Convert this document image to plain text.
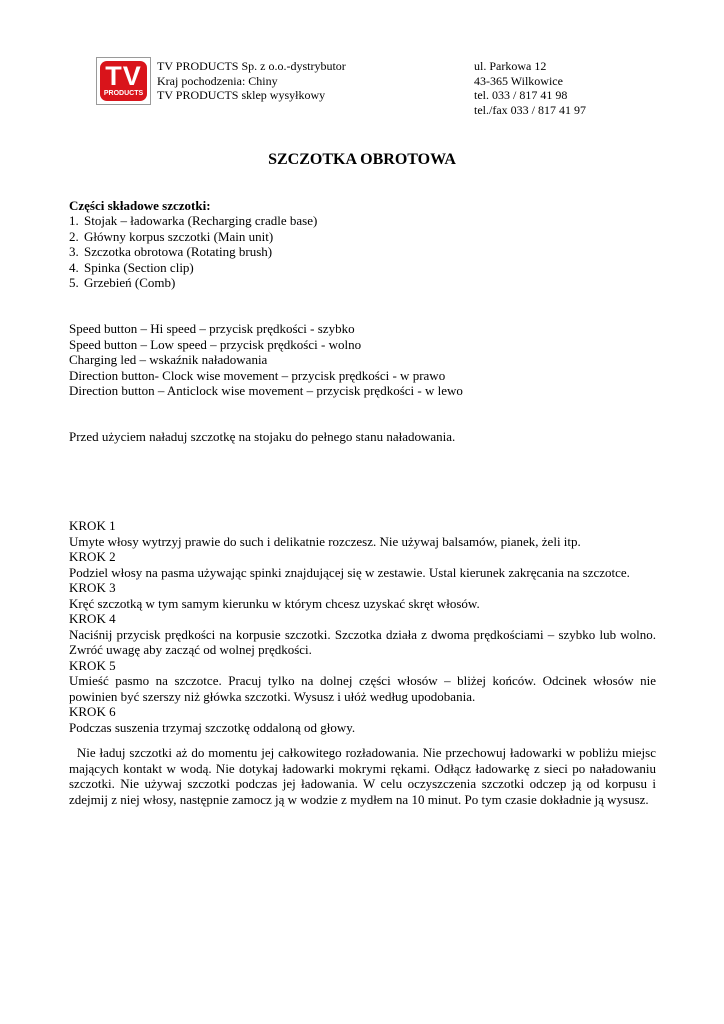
TV
PRODUCTS
TV PRODUCTS Sp. z o.o.-dystrybutor
Kraj pochodzenia: Chiny
TV PRODUCTS sklep wysyłkowy
ul. Parkowa 12
43-365 Wilkowice
tel. 033 / 817 41 98
tel./fax 033 / 817 41 97
SZCZOTKA OBROTOWA
Części składowe szczotki:
1. Stojak – ładowarka (Recharging cradle base)
2. Główny korpus szczotki (Main unit)
3. Szczotka obrotowa (Rotating brush)
4. Spinka (Section clip)
5. Grzebień (Comb)
Speed button – Hi speed – przycisk prędkości - szybko
Speed button – Low speed – przycisk prędkości - wolno
Charging led – wskaźnik naładowania
Direction button- Clock wise movement – przycisk prędkości - w prawo
Direction button – Anticlock wise movement – przycisk prędkości - w lewo
Przed użyciem naładuj szczotkę na stojaku do pełnego stanu naładowania.
KROK 1
Umyte włosy wytrzyj prawie do such i delikatnie rozczesz. Nie używaj balsamów, pianek, żeli itp.
KROK 2
Podziel włosy na pasma używając spinki znajdującej się w zestawie. Ustal kierunek zakręcania na szczotce.
KROK 3
Kręć szczotką w tym samym kierunku w którym chcesz uzyskać skręt włosów.
KROK 4
Naciśnij przycisk prędkości na korpusie szczotki. Szczotka działa z dwoma prędkościami – szybko lub wolno. Zwróć uwagę aby zacząć od wolnej prędkości.
KROK 5
Umieść pasmo na szczotce. Pracuj tylko na dolnej części włosów – bliżej końców. Odcinek włosów nie powinien być szerszy niż główka szczotki. Wysusz i ułóż według upodobania.
KROK 6
Podczas suszenia trzymaj szczotkę oddaloną od głowy.
Nie ładuj szczotki aż do momentu jej całkowitego rozładowania. Nie przechowuj ładowarki w pobliżu miejsc mających kontakt w wodą. Nie dotykaj ładowarki mokrymi rękami. Odłącz ładowarkę z sieci po naładowaniu szczotki. Nie używaj szczotki podczas jej ładowania. W celu oczyszczenia szczotki odczep ją od korpusu i zdejmij z niej włosy, następnie zamocz ją w wodzie z mydłem na 10 minut. Po tym czasie dokładnie ją wysusz.
